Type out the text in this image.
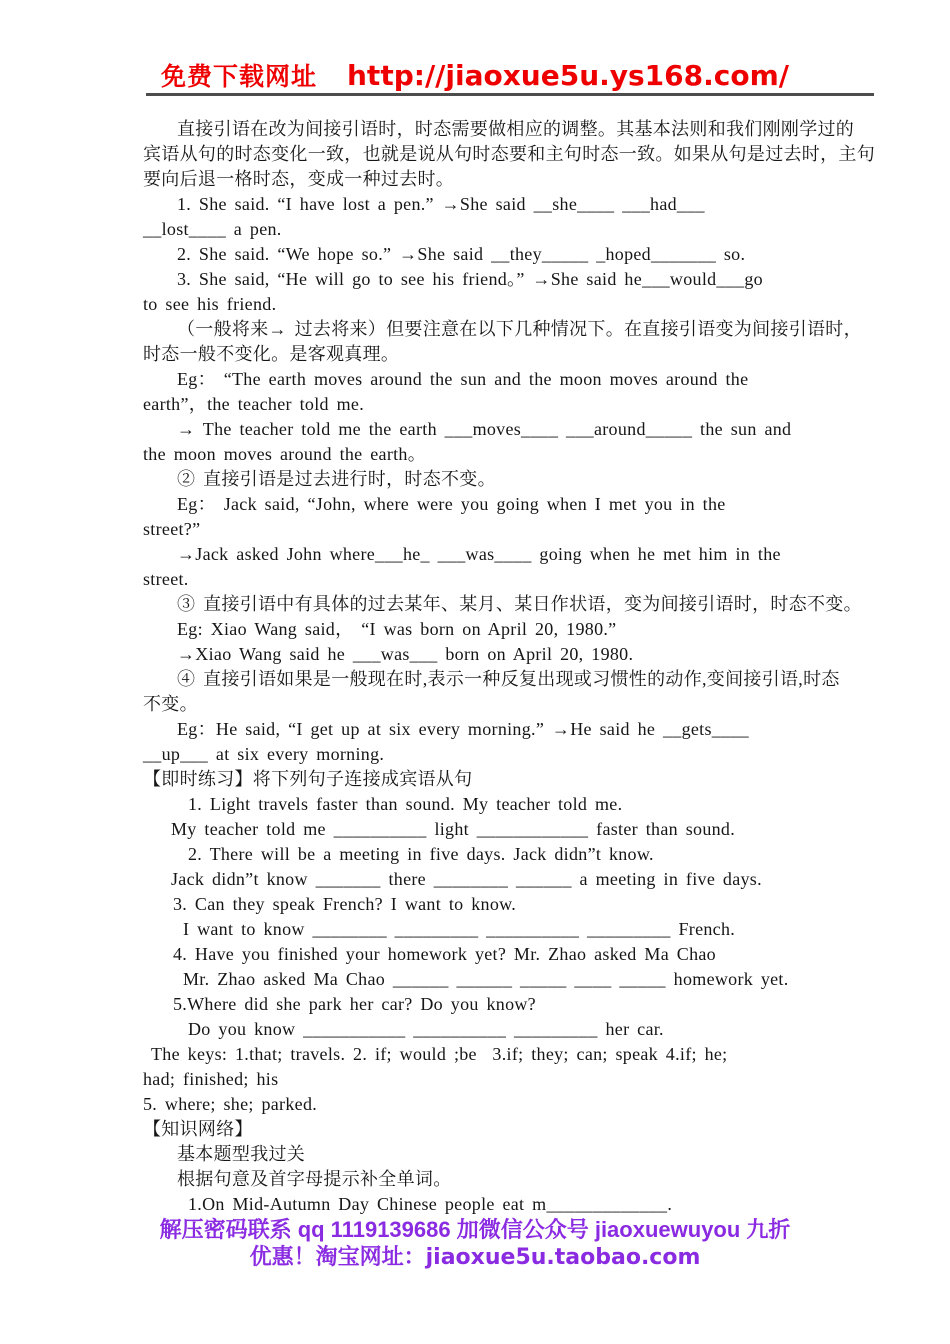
免费下载网址 http://jiaoxue5u.ys168.com/
直接引语在改为间接引语时，时态需要做相应的调整。其基本法则和我们刚刚学过的
宾语从句的时态变化一致，也就是说从句时态要和主句时态一致。如果从句是过去时，主句
要向后退一格时态，变成一种过去时。
1. She said. “I have lost a pen.” →She said __she____ ___had___
__lost____ a pen.
2. She said. “We hope so.” →She said __they_____ _hoped_______ so.
3. She said, “He will go to see his friend。” →She said he___would___go
to see his friend.
（一般将来→ 过去将来）但要注意在以下几种情况下。在直接引语变为间接引语时，
时态一般不变化。是客观真理。
Eg： “The earth moves around the sun and the moon moves around the
earth”，the teacher told me.
→ The teacher told me the earth ___moves____ ___around_____ the sun and
the moon moves around the earth。
② 直接引语是过去进行时，时态不变。
Eg： Jack said, “John, where were you going when I met you in the
street?”
→Jack asked John where___he_ ___was____ going when he met him in the
street.
③ 直接引语中有具体的过去某年、某月、某日作状语，变为间接引语时，时态不变。
Eg: Xiao Wang said， “I was born on April 20, 1980.”
→Xiao Wang said he ___was___ born on April 20, 1980.
④ 直接引语如果是一般现在时,表示一种反复出现或习惯性的动作,变间接引语,时态
不变。
Eg：He said, “I get up at six every morning.” →He said he __gets____
__up___ at six every morning.
【即时练习】将下列句子连接成宾语从句
1. Light travels faster than sound. My teacher told me.
My teacher told me __________ light ____________ faster than sound.
2. There will be a meeting in five days. Jack didn”t know.
Jack didn”t know _______ there ________ ______ a meeting in five days.
3. Can they speak French? I want to know.
I want to know ________ _________ __________ _________ French.
4. Have you finished your homework yet? Mr. Zhao asked Ma Chao
Mr. Zhao asked Ma Chao ______ ______ _____ ____ _____ homework yet.
5.Where did she park her car? Do you know?
Do you know ___________ __________ _________ her car.
The keys: 1.that; travels. 2. if; would ;be  3.if; they; can; speak 4.if; he;
had; finished; his
5. where; she; parked.
【知识网络】
基本题型我过关
根据句意及首字母提示补全单词。
1.On Mid-Autumn Day Chinese people eat m_____________.
解压密码联系 qq 1119139686 加微信公众号 jiaoxuewuyou 九折
优惠！淘宝网址：jiaoxue5u.taobao.com
